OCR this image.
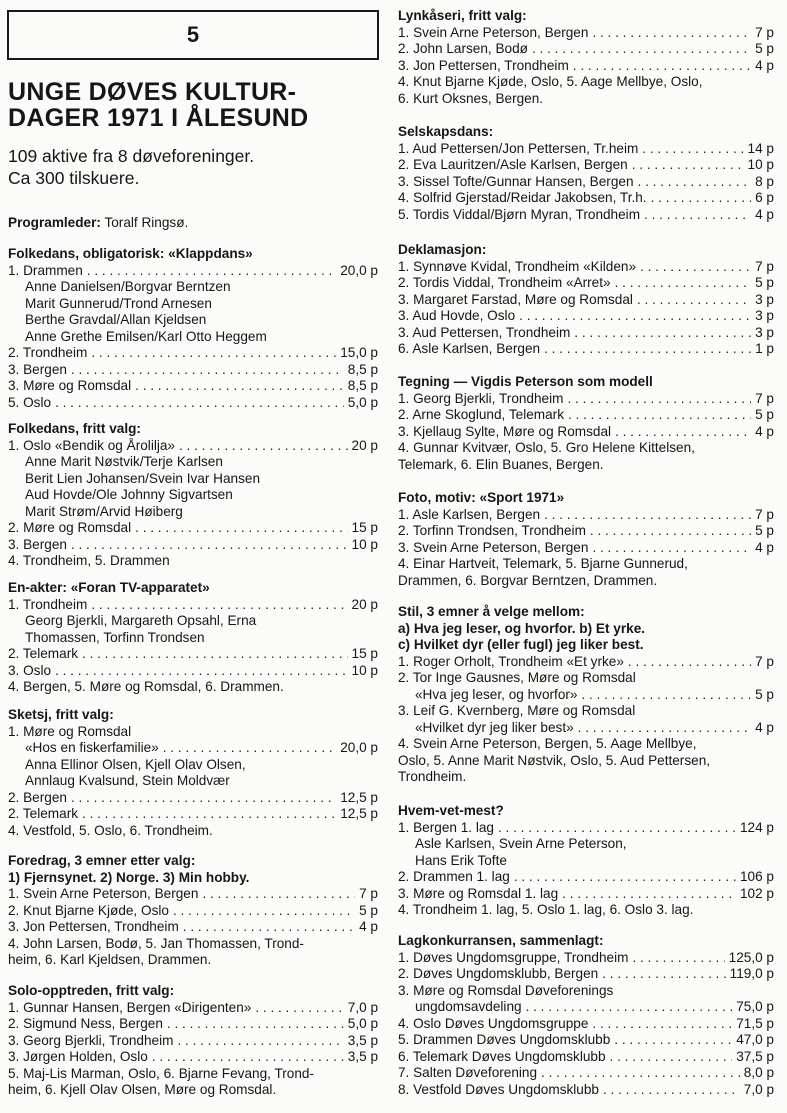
5
UNGE DØVES KULTUR-
DAGER 1971 I ÅLESUND
109 aktive fra 8 døveforeninger.
Ca 300 tilskuere.
Programleder: Toralf Ringsø.
Folkedans, obligatorisk: «Klappdans»
1. Drammen . . .	20,0 p
Anne Danielsen/Borgvar Berntzen
Marit Gunnerud/Trond Arnesen
Berthe Gravdal/Allan Kjeldsen
Anne Grethe Emilsen/Karl Otto Heggem
2. Trondheim . . .	15,0 p
3. Bergen . . .	8,5 p
3. Møre og Romsdal . . .	8,5 p
5. Oslo . . .	5,0 p
Folkedans, fritt valg:
1. Oslo «Bendik og Årolilja» . . .	20 p
Anne Marit Nøstvik/Terje Karlsen
Berit Lien Johansen/Svein Ivar Hansen
Aud Hovde/Ole Johnny Sigvartsen
Marit Strøm/Arvid Høiberg
2. Møre og Romsdal . . .	15 p
3. Bergen . . .	10 p
4. Trondheim, 5. Drammen
En-akter: «Foran TV-apparatet»
1. Trondheim . . .	20 p
Georg Bjerkli, Margareth Opsahl, Erna
Thomassen, Torfinn Trondsen
2. Telemark . . .	15 p
3. Oslo . . .	10 p
4. Bergen, 5. Møre og Romsdal, 6. Drammen.
Sketsj, fritt valg:
1. Møre og Romsdal
«Hos en fiskerfamilie» . . .	20,0 p
Anna Ellinor Olsen, Kjell Olav Olsen,
Annlaug Kvalsund, Stein Moldvær
2. Bergen . . .	12,5 p
2. Telemark . . .	12,5 p
4. Vestfold, 5. Oslo, 6. Trondheim.
Foredrag, 3 emner etter valg:
1) Fjernsynet. 2) Norge. 3) Min hobby.
1. Svein Arne Peterson, Bergen . . .	7 p
2. Knut Bjarne Kjøde, Oslo . . .	5 p
3. Jon Pettersen, Trondheim . . .	4 p
4. John Larsen, Bodø, 5. Jan Thomassen, Trond-
heim, 6. Karl Kjeldsen, Drammen.
Solo-opptreden, fritt valg:
1. Gunnar Hansen, Bergen «Dirigenten» . . .	7,0 p
2. Sigmund Ness, Bergen . . .	5,0 p
3. Georg Bjerkli, Trondheim . . .	3,5 p
3. Jørgen Holden, Oslo . . .	3,5 p
5. Maj-Lis Marman, Oslo, 6. Bjarne Fevang, Trond-
heim, 6. Kjell Olav Olsen, Møre og Romsdal.
Lynkåseri, fritt valg:
1. Svein Arne Peterson, Bergen . . .	7 p
2. John Larsen, Bodø . . .	5 p
3. Jon Pettersen, Trondheim . . .	4 p
4. Knut Bjarne Kjøde, Oslo, 5. Aage Mellbye, Oslo,
6. Kurt Oksnes, Bergen.
Selskapsdans:
1. Aud Pettersen/Jon Pettersen, Tr.heim . . .	14 p
2. Eva Lauritzen/Asle Karlsen, Bergen . . .	10 p
3. Sissel Tofte/Gunnar Hansen, Bergen . . .	8 p
4. Solfrid Gjerstad/Reidar Jakobsen, Tr.h. . . .	6 p
5. Tordis Viddal/Bjørn Myran, Trondheim . . .	4 p
Deklamasjon:
1. Synnøve Kvidal, Trondheim «Kilden» . . .	7 p
2. Tordis Viddal, Trondheim «Arret» . . .	5 p
3. Margaret Farstad, Møre og Romsdal . . .	3 p
3. Aud Hovde, Oslo . . .	3 p
3. Aud Pettersen, Trondheim . . .	3 p
6. Asle Karlsen, Bergen . . .	1 p
Tegning — Vigdis Peterson som modell
1. Georg Bjerkli, Trondheim . . .	7 p
2. Arne Skoglund, Telemark . . .	5 p
3. Kjellaug Sylte, Møre og Romsdal . . .	4 p
4. Gunnar Kvitvær, Oslo, 5. Gro Helene Kittelsen,
Telemark, 6. Elin Buanes, Bergen.
Foto, motiv: «Sport 1971»
1. Asle Karlsen, Bergen . . .	7 p
2. Torfinn Trondsen, Trondheim . . .	5 p
3. Svein Arne Peterson, Bergen . . .	4 p
4. Einar Hartveit, Telemark, 5. Bjarne Gunnerud,
Drammen, 6. Borgvar Berntzen, Drammen.
Stil, 3 emner å velge mellom:
a) Hva jeg leser, og hvorfor. b) Et yrke.
c) Hvilket dyr (eller fugl) jeg liker best.
1. Roger Orholt, Trondheim «Et yrke» . . .	7 p
2. Tor Inge Gausnes, Møre og Romsdal
«Hva jeg leser, og hvorfor» . . .	5 p
3. Leif G. Kvernberg, Møre og Romsdal
«Hvilket dyr jeg liker best» . . .	4 p
4. Svein Arne Peterson, Bergen, 5. Aage Mellbye,
Oslo, 5. Anne Marit Nøstvik, Oslo, 5. Aud Pettersen,
Trondheim.
Hvem-vet-mest?
1. Bergen 1. lag . . .	124 p
Asle Karlsen, Svein Arne Peterson,
Hans Erik Tofte
2. Drammen 1. lag . . .	106 p
3. Møre og Romsdal 1. lag . . .	102 p
4. Trondheim 1. lag, 5. Oslo 1. lag, 6. Oslo 3. lag.
Lagkonkurransen, sammenlagt:
1. Døves Ungdomsgruppe, Trondheim . . .	125,0 p
2. Døves Ungdomsklubb, Bergen . . .	119,0 p
3. Møre og Romsdal Døveforenings
ungdomsavdeling . . .	75,0 p
4. Oslo Døves Ungdomsgruppe . . .	71,5 p
5. Drammen Døves Ungdomsklubb . . .	47,0 p
6. Telemark Døves Ungdomsklubb . . .	37,5 p
7. Salten Døveforening . . .	8,0 p
8. Vestfold Døves Ungdomsklubb . . .	7,0 p
